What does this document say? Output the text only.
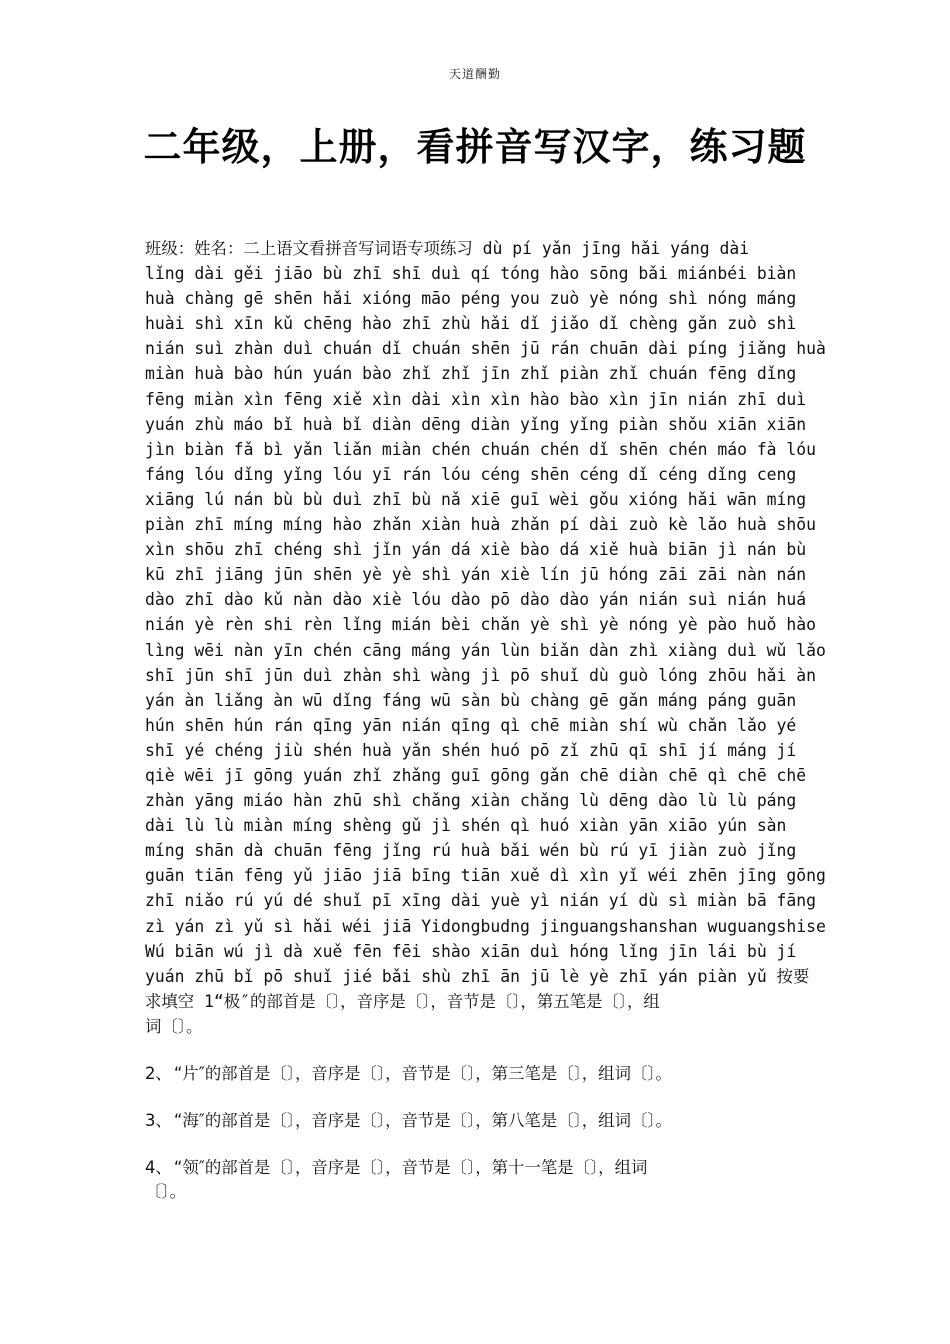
天道酬勤
二年级，上册，看拼音写汉字，练习题
班级：姓名：二上语文看拼音写词语专项练习 dù pí yǎn jīng hǎi yáng dài
lǐng dài gěi jiāo bù zhī shī duì qí tóng hào sōng bǎi miánbéi biàn
huà chàng gē shēn hǎi xióng māo péng you zuò yè nóng shì nóng máng
huài shì xīn kǔ chēng hào zhī zhù hǎi dǐ jiǎo dǐ chèng gǎn zuò shì
nián suì zhàn duì chuán dǐ chuán shēn jū rán chuān dài píng jiǎng huà
miàn huà bào hún yuán bào zhǐ zhǐ jīn zhǐ piàn zhǐ chuán fēng dǐng
fēng miàn xìn fēng xiě xìn dài xìn xìn hào bào xìn jīn nián zhī duì
yuán zhù máo bǐ huà bǐ diàn dēng diàn yǐng yǐng piàn shǒu xiān xiān
jìn biàn fǎ bì yǎn liǎn miàn chén chuán chén dǐ shēn chén máo fà lóu
fáng lóu dǐng yǐng lóu yī rán lóu céng shēn céng dǐ céng dǐng ceng
xiāng lú nán bù bù duì zhī bù nǎ xiē guī wèi gǒu xióng hǎi wān míng
piàn zhī míng míng hào zhǎn xiàn huà zhǎn pí dài zuò kè lǎo huà shōu
xìn shōu zhī chéng shì jǐn yán dá xiè bào dá xiě huà biān jì nán bù
kū zhī jiāng jūn shēn yè yè shì yán xiè lín jū hóng zāi zāi nàn nán
dào zhī dào kǔ nàn dào xiè lóu dào pō dào dào yán nián suì nián huá
nián yè rèn shi rèn lǐng mián bèi chǎn yè shì yè nóng yè pào huǒ hào
lìng wēi nàn yīn chén cāng máng yán lùn biǎn dàn zhì xiàng duì wǔ lǎo
shī jūn shī jūn duì zhàn shì wàng jì pō shuǐ dù guò lóng zhōu hǎi àn
yán àn liǎng àn wū dǐng fáng wū sàn bù chàng gē gǎn máng páng guān
hún shēn hún rán qīng yān nián qīng qì chē miàn shí wù chǎn lǎo yé
shī yé chéng jiù shén huà yǎn shén huó pō zǐ zhū qī shī jí máng jí
qiè wēi jī gōng yuán zhǐ zhǎng guī gōng gǎn chē diàn chē qì chē chē
zhàn yāng miáo hàn zhū shì chǎng xiàn chǎng lù dēng dào lù lù páng
dài lù lù miàn míng shèng gǔ jì shén qì huó xiàn yān xiāo yún sàn
míng shān dà chuān fēng jǐng rú huà bǎi wén bù rú yī jiàn zuò jǐng
guān tiān fēng yǔ jiāo jiā bīng tiān xuě dì xìn yǐ wéi zhēn jīng gōng
zhī niǎo rú yú dé shuǐ pī xīng dài yuè yì nián yí dù sì miàn bā fāng
zì yán zì yǔ sì hǎi wéi jiā Yidongbudng jinguangshanshan wuguangshise
Wú biān wú jì dà xuě fēn fēi shào xiān duì hóng lǐng jīn lái bù jí
yuán zhū bǐ pō shuǐ jié bǎi shù zhī ān jū lè yè zhī yán piàn yǔ 按要
求填空 1“极″的部首是〔〕，音序是〔〕，音节是〔〕，第五笔是〔〕，组
词〔〕。
2、 “片″的部首是〔〕，音序是〔〕，音节是〔〕，第三笔是〔〕，组词〔〕。
3、 “海″的部首是〔〕，音序是〔〕，音节是〔〕，第八笔是〔〕，组词〔〕。
4、 “领″的部首是〔〕，音序是〔〕，音节是〔〕，第十一笔是〔〕，组词
〔〕。
